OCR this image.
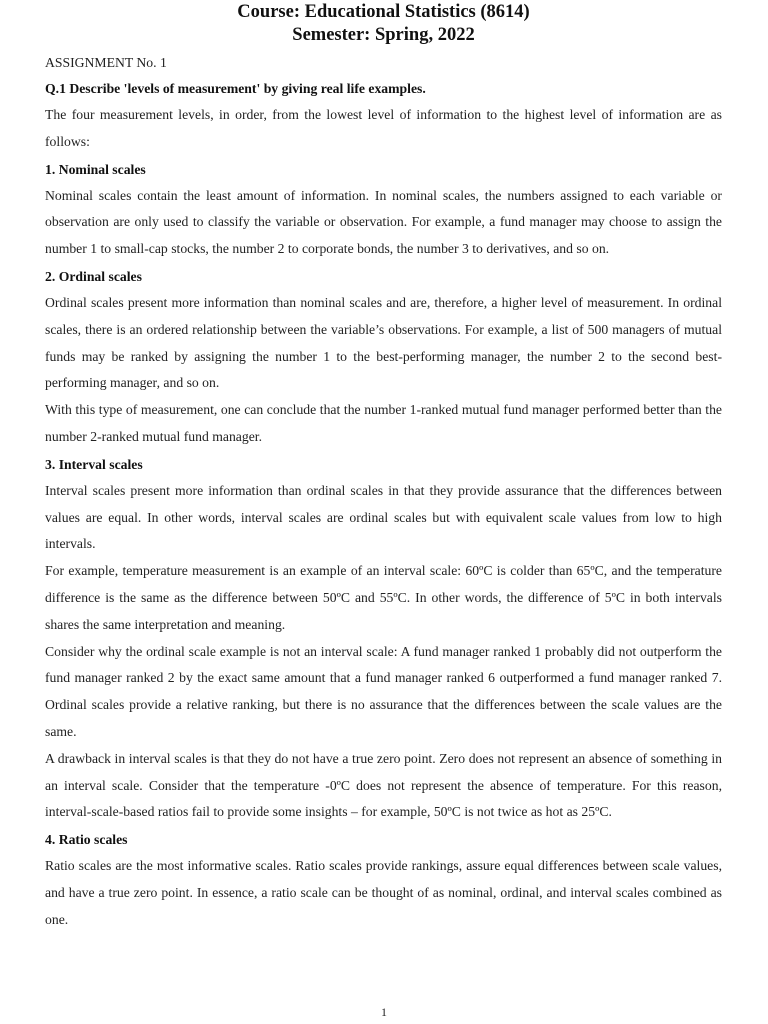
Course: Educational Statistics (8614)
Semester: Spring, 2022
ASSIGNMENT No. 1
Q.1 Describe 'levels of measurement' by giving real life examples.

The four measurement levels, in order, from the lowest level of information to the highest level of information are as follows:

1. Nominal scales

Nominal scales contain the least amount of information. In nominal scales, the numbers assigned to each variable or observation are only used to classify the variable or observation. For example, a fund manager may choose to assign the number 1 to small-cap stocks, the number 2 to corporate bonds, the number 3 to derivatives, and so on.

2. Ordinal scales

Ordinal scales present more information than nominal scales and are, therefore, a higher level of measurement. In ordinal scales, there is an ordered relationship between the variable’s observations. For example, a list of 500 managers of mutual funds may be ranked by assigning the number 1 to the best-performing manager, the number 2 to the second best-performing manager, and so on.

With this type of measurement, one can conclude that the number 1-ranked mutual fund manager performed better than the number 2-ranked mutual fund manager.

3. Interval scales

Interval scales present more information than ordinal scales in that they provide assurance that the differences between values are equal. In other words, interval scales are ordinal scales but with equivalent scale values from low to high intervals.

For example, temperature measurement is an example of an interval scale: 60ºC is colder than 65ºC, and the temperature difference is the same as the difference between 50ºC and 55ºC. In other words, the difference of 5ºC in both intervals shares the same interpretation and meaning.

Consider why the ordinal scale example is not an interval scale: A fund manager ranked 1 probably did not outperform the fund manager ranked 2 by the exact same amount that a fund manager ranked 6 outperformed a fund manager ranked 7. Ordinal scales provide a relative ranking, but there is no assurance that the differences between the scale values are the same.

A drawback in interval scales is that they do not have a true zero point. Zero does not represent an absence of something in an interval scale. Consider that the temperature -0ºC does not represent the absence of temperature. For this reason, interval-scale-based ratios fail to provide some insights – for example, 50ºC is not twice as hot as 25ºC.

4. Ratio scales

Ratio scales are the most informative scales. Ratio scales provide rankings, assure equal differences between scale values, and have a true zero point. In essence, a ratio scale can be thought of as nominal, ordinal, and interval scales combined as one.

1
